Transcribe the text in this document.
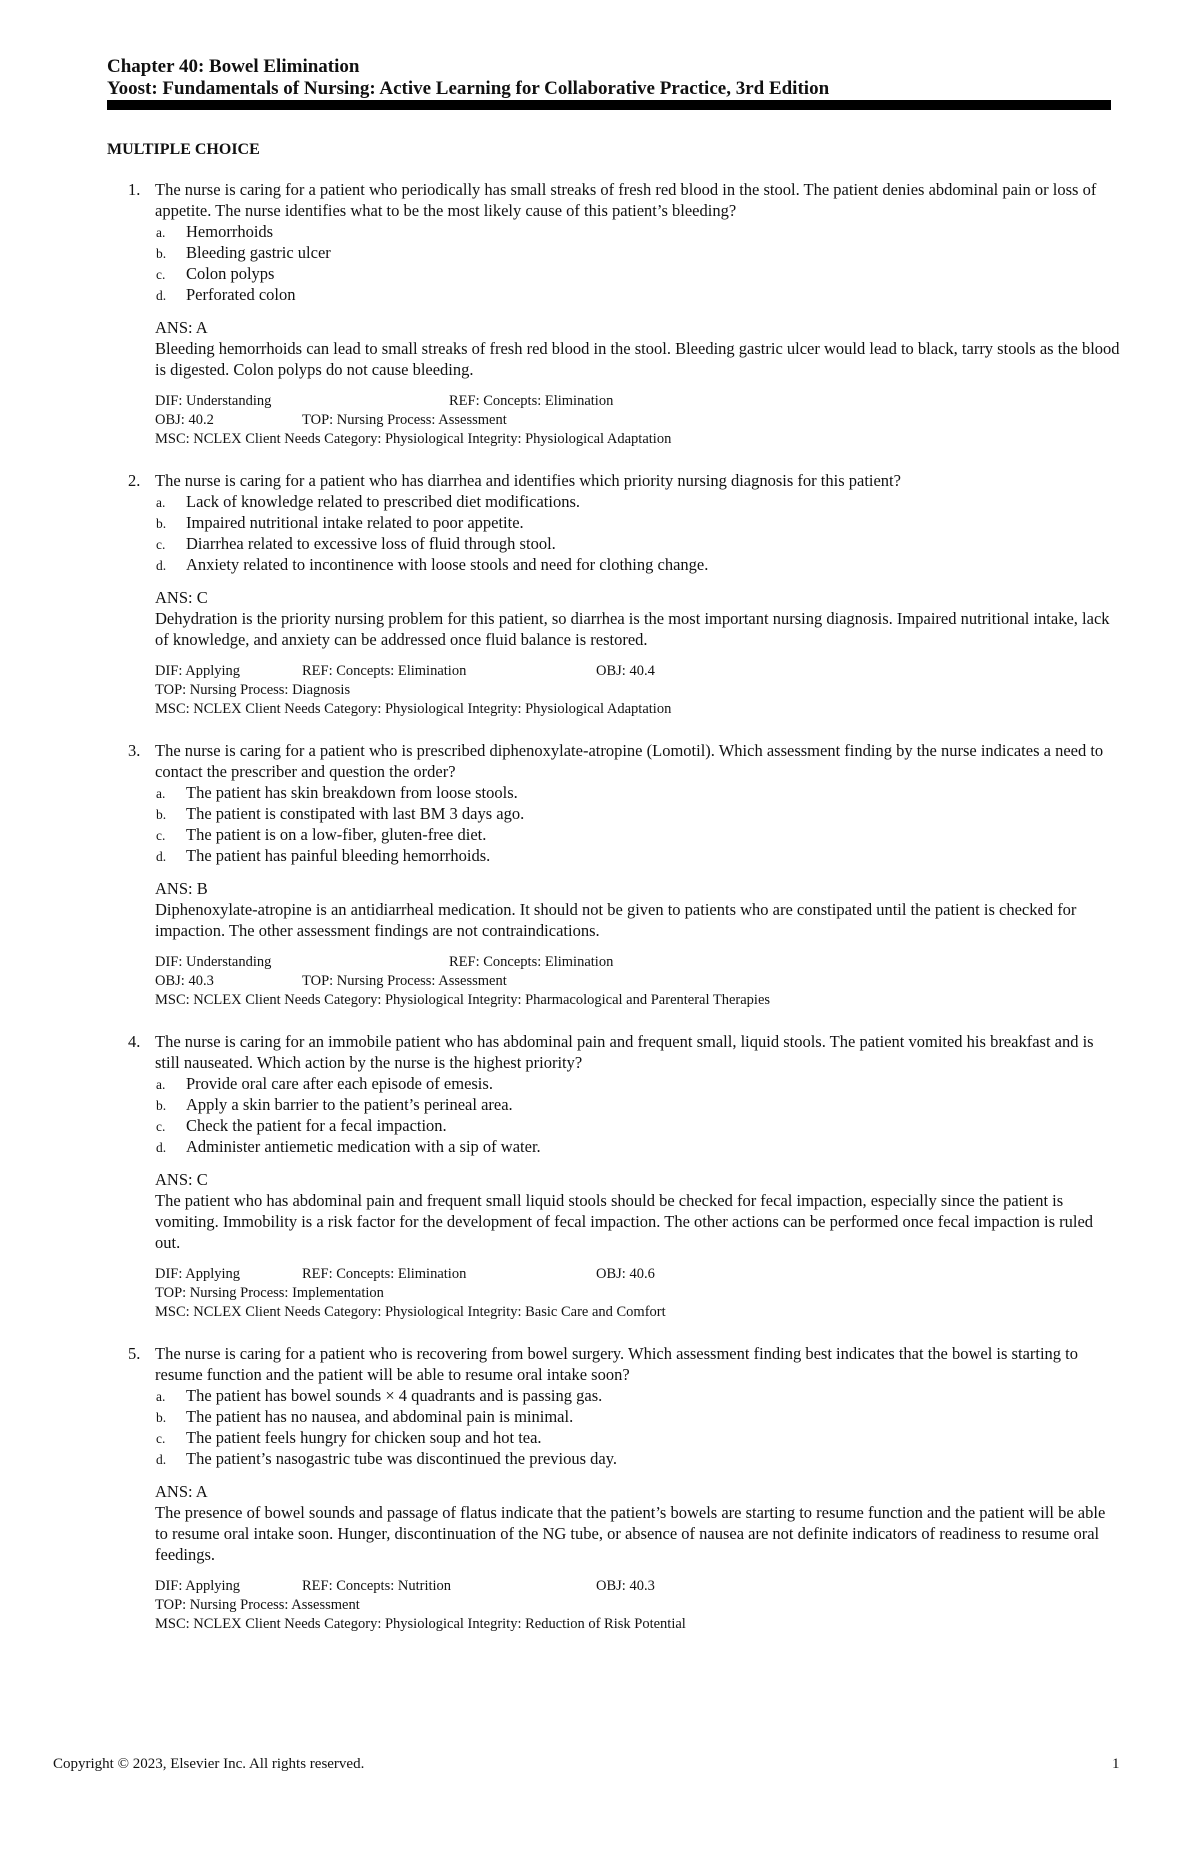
Chapter 40: Bowel Elimination
Yoost: Fundamentals of Nursing: Active Learning for Collaborative Practice, 3rd Edition
MULTIPLE CHOICE
1. The nurse is caring for a patient who periodically has small streaks of fresh red blood in the stool. The patient denies abdominal pain or loss of appetite. The nurse identifies what to be the most likely cause of this patient’s bleeding?
a. Hemorrhoids
b. Bleeding gastric ulcer
c. Colon polyps
d. Perforated colon
ANS: A
Bleeding hemorrhoids can lead to small streaks of fresh red blood in the stool. Bleeding gastric ulcer would lead to black, tarry stools as the blood is digested. Colon polyps do not cause bleeding.
DIF: Understanding	REF: Concepts: Elimination
OBJ: 40.2	TOP: Nursing Process: Assessment
MSC: NCLEX Client Needs Category: Physiological Integrity: Physiological Adaptation
2. The nurse is caring for a patient who has diarrhea and identifies which priority nursing diagnosis for this patient?
a. Lack of knowledge related to prescribed diet modifications.
b. Impaired nutritional intake related to poor appetite.
c. Diarrhea related to excessive loss of fluid through stool.
d. Anxiety related to incontinence with loose stools and need for clothing change.
ANS: C
Dehydration is the priority nursing problem for this patient, so diarrhea is the most important nursing diagnosis. Impaired nutritional intake, lack of knowledge, and anxiety can be addressed once fluid balance is restored.
DIF: Applying	REF: Concepts: Elimination	OBJ: 40.4
TOP: Nursing Process: Diagnosis
MSC: NCLEX Client Needs Category: Physiological Integrity: Physiological Adaptation
3. The nurse is caring for a patient who is prescribed diphenoxylate-atropine (Lomotil). Which assessment finding by the nurse indicates a need to contact the prescriber and question the order?
a. The patient has skin breakdown from loose stools.
b. The patient is constipated with last BM 3 days ago.
c. The patient is on a low-fiber, gluten-free diet.
d. The patient has painful bleeding hemorrhoids.
ANS: B
Diphenoxylate-atropine is an antidiarrheal medication. It should not be given to patients who are constipated until the patient is checked for impaction. The other assessment findings are not contraindications.
DIF: Understanding	REF: Concepts: Elimination
OBJ: 40.3	TOP: Nursing Process: Assessment
MSC: NCLEX Client Needs Category: Physiological Integrity: Pharmacological and Parenteral Therapies
4. The nurse is caring for an immobile patient who has abdominal pain and frequent small, liquid stools. The patient vomited his breakfast and is still nauseated. Which action by the nurse is the highest priority?
a. Provide oral care after each episode of emesis.
b. Apply a skin barrier to the patient’s perineal area.
c. Check the patient for a fecal impaction.
d. Administer antiemetic medication with a sip of water.
ANS: C
The patient who has abdominal pain and frequent small liquid stools should be checked for fecal impaction, especially since the patient is vomiting. Immobility is a risk factor for the development of fecal impaction. The other actions can be performed once fecal impaction is ruled out.
DIF: Applying	REF: Concepts: Elimination	OBJ: 40.6
TOP: Nursing Process: Implementation
MSC: NCLEX Client Needs Category: Physiological Integrity: Basic Care and Comfort
5. The nurse is caring for a patient who is recovering from bowel surgery. Which assessment finding best indicates that the bowel is starting to resume function and the patient will be able to resume oral intake soon?
a. The patient has bowel sounds × 4 quadrants and is passing gas.
b. The patient has no nausea, and abdominal pain is minimal.
c. The patient feels hungry for chicken soup and hot tea.
d. The patient’s nasogastric tube was discontinued the previous day.
ANS: A
The presence of bowel sounds and passage of flatus indicate that the patient’s bowels are starting to resume function and the patient will be able to resume oral intake soon. Hunger, discontinuation of the NG tube, or absence of nausea are not definite indicators of readiness to resume oral feedings.
DIF: Applying	REF: Concepts: Nutrition	OBJ: 40.3
TOP: Nursing Process: Assessment
MSC: NCLEX Client Needs Category: Physiological Integrity: Reduction of Risk Potential
Copyright © 2023, Elsevier Inc. All rights reserved.	1
